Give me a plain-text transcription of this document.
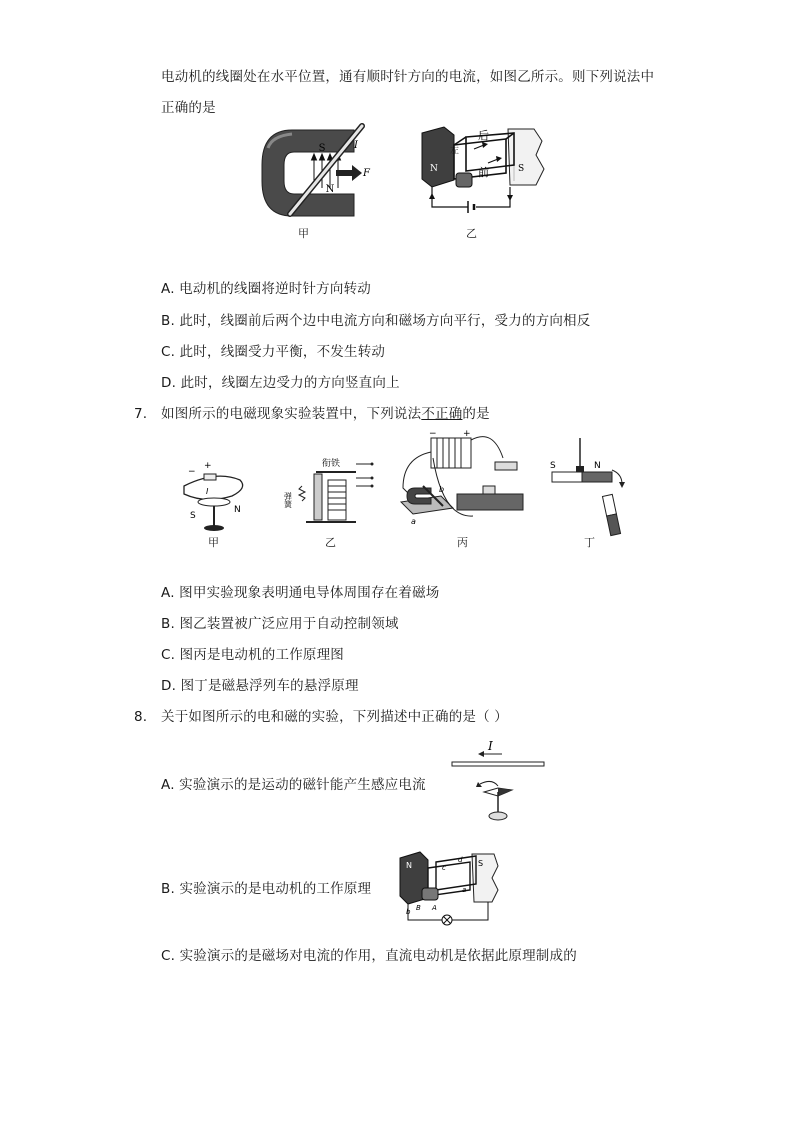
电动机的线圈处在水平位置，通有顺时针方向的电流，如图乙所示。则下列说法中
正确的是
S
N
I
F
甲
后
左
前
N	S
乙
A. 电动机的线圈将逆时针方向转动
B. 此时，线圈前后两个边中电流方向和磁场方向平行，受力的方向相反
C. 此时，线圈受力平衡，不发生转动
D. 此时，线圈左边受力的方向竖直向上
7. 如图所示的电磁现象实验装置中，下列说法不正确的是
−
+
I
S
N
甲
衔铁
弹簧
乙
−	+
a
b
丙
S	N
丁
A. 图甲实验现象表明通电导体周围存在着磁场
B. 图乙装置被广泛应用于自动控制领域
C. 图丙是电动机的工作原理图
D. 图丁是磁悬浮列车的悬浮原理
8. 关于如图所示的电和磁的实验，下列描述中正确的是（ ）
A. 实验演示的是运动的磁针能产生感应电流
I
B. 实验演示的是电动机的工作原理
N	S
c
d
a
b	A
B
C. 实验演示的是磁场对电流的作用，直流电动机是依据此原理制成的
